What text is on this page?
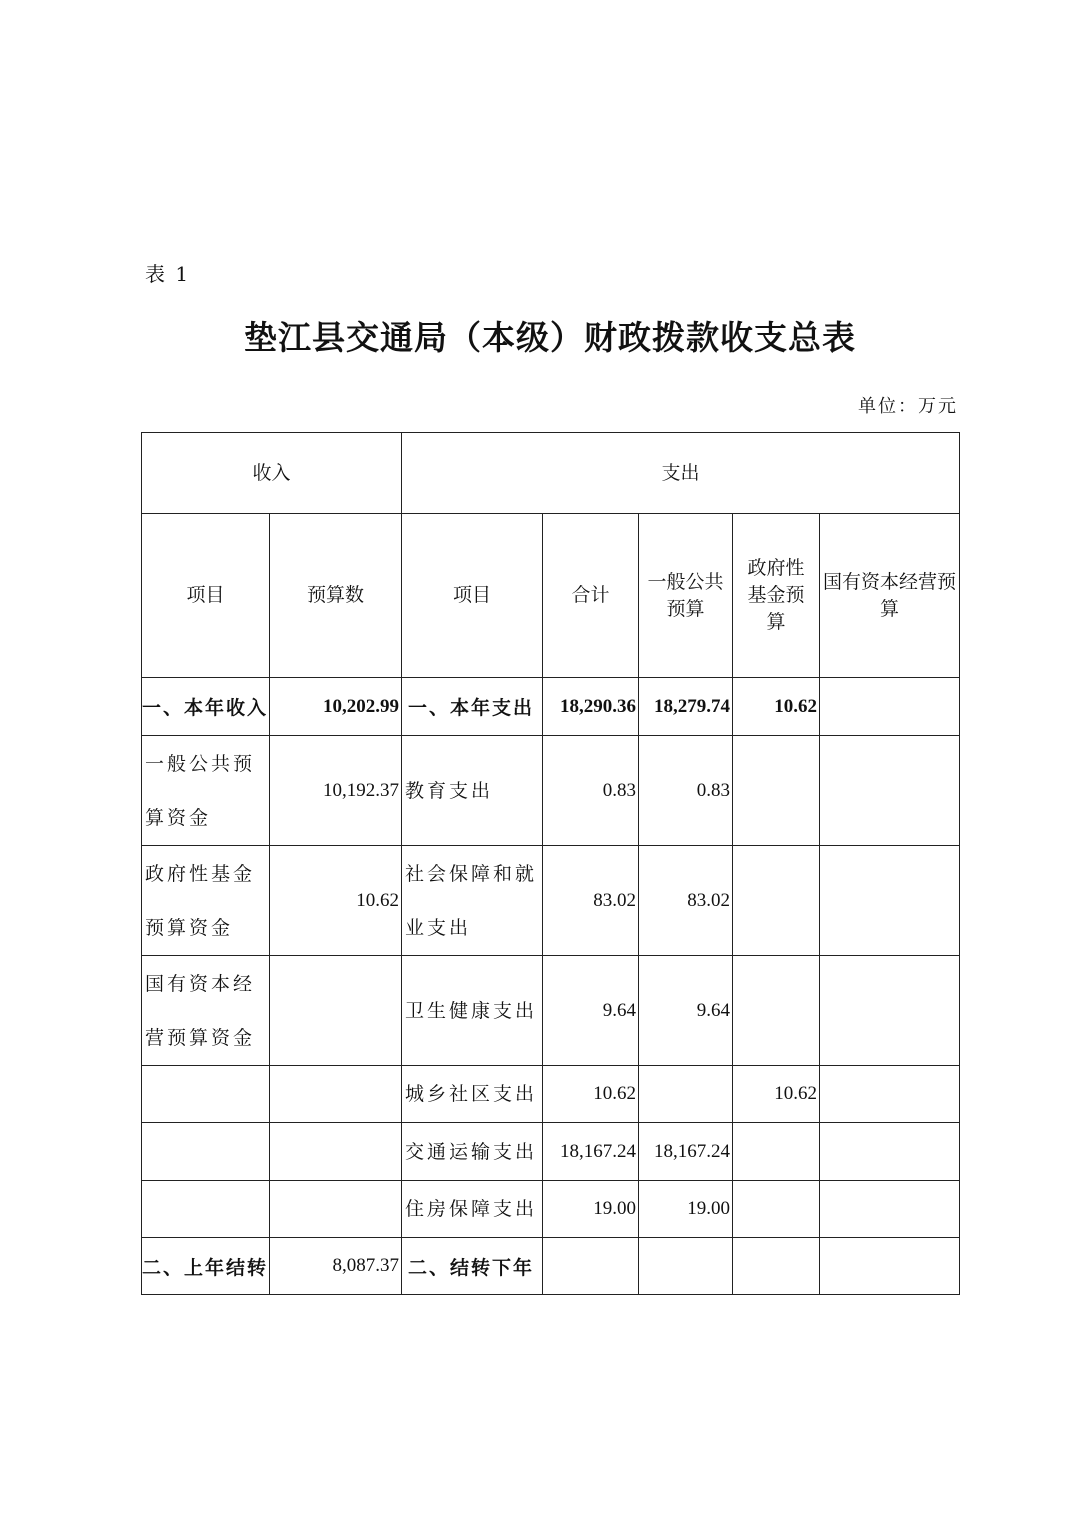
表 1
垫江县交通局（本级）财政拨款收支总表
单位：万元
收入		支出				
项目	预算数	项目	合计	一般公共预算	政府性基金预算	国有资本经营预算
一、本年收入	10,202.99	一、本年支出	18,290.36	18,279.74	10.62	
一般公共预算资金	10,192.37	教育支出	0.83	0.83		
政府性基金预算资金	10.62	社会保障和就业支出	83.02	83.02		
国有资本经营预算资金		卫生健康支出	9.64	9.64		
		城乡社区支出	10.62		10.62	
		交通运输支出	18,167.24	18,167.24		
		住房保障支出	19.00	19.00		
二、上年结转	8,087.37	二、结转下年				
